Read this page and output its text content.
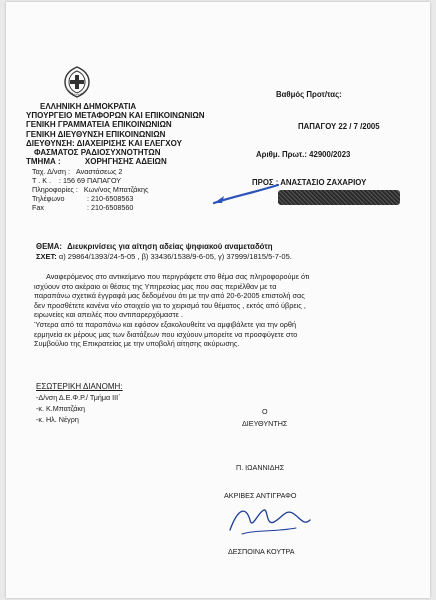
ΕΛΛΗΝΙΚΗ ΔΗΜΟΚΡΑΤΙΑ
ΥΠΟΥΡΓΕΙΟ ΜΕΤΑΦΟΡΩΝ ΚΑΙ ΕΠΙΚΟΙΝΩΝΙΩΝ
ΓΕΝΙΚΗ ΓΡΑΜΜΑΤΕΙΑ ΕΠΙΚΟΙΝΩΝΙΩΝ
ΓΕΝΙΚΗ ΔΙΕΥΘΥΝΣΗ ΕΠΙΚΟΙΝΩΝΙΩΝ
ΔΙΕΥΘΥΝΣΗ: ΔΙΑΧΕΙΡΙΣΗΣ ΚΑΙ ΕΛΕΓΧΟΥ
ΦΑΣΜΑΤΟΣ ΡΑΔΙΟΣΥΧΝΟΤΗΤΩΝ
ΤΜΗΜΑ :	ΧΟΡΗΓΗΣΗΣ ΑΔΕΙΩΝ
Ταχ. Δ/νση : Αναστάσεως 2
Τ . Κ . : 156 69 ΠΑΠΑΓΟΥ
Πληροφορίες : Κων/νος Μπατζάκης
Τηλέφωνο	: 210-6508563
Fax	: 210-6508560
Βαθμός Προτ/τας:
ΠΑΠΑΓΟΥ 22 / 7 /2005
Αριθμ. Πρωτ.: 42900/2023
ΠΡΟΣ : ΑΝΑΣΤΑΣΙΟ ΖΑΧΑΡΙΟΥ
ΘΕΜΑ: Διευκρινίσεις για αίτηση αδείας ψηφιακού αναμεταδότη
ΣΧΕΤ: α) 29864/1393/24-5-05 , β) 33436/1538/9-6-05, γ) 37999/1815/5-7-05.

Αναφερόμενος στο αντικείμενο που περιγράφετε στο θέμα σας πληροφορούμε ότι

ισχύουν στο ακέραιο οι θέσεις της Υπηρεσίας μας που σας περιέλθαν με τα

παραπάνω σχετικά έγγραφά μας δεδομένου ότι με την από 20-6-2005 επιστολή σας

δεν προσθέτετε κανένα νέο στοιχείο για το χειρισμό του θέματος , εκτός από ύβρεις ,

ειρωνείες και απειλές που αντιπαρερχόμαστε .

Ύστερα από τα παραπάνω και εφόσον εξακολουθείτε να αμφιβάλετε για την ορθή

ερμηνεία εκ μέρους μας των διατάξεων που ισχύουν μπορείτε να προσφύγετε στο

Συμβούλιο της Επικρατείας με την υποβολή αίτησης ακύρωσης.

ΕΣΩΤΕΡΙΚΗ ΔΙΑΝΟΜΗ:
-Δ/νση Δ.Ε.Φ.Ρ./ Τμήμα ΙΙΙ΄
-κ. Κ.Μπατζάκη
-κ. Ηλ. Νέγρη
Ο
ΔΙΕΥΘΥΝΤΗΣ
Π. ΙΩΑΝΝΙΔΗΣ
ΑΚΡΙΒΕΣ ΑΝΤΙΓΡΑΦΟ
ΔΕΣΠΟΙΝΑ ΚΟΥΤΡΑ
